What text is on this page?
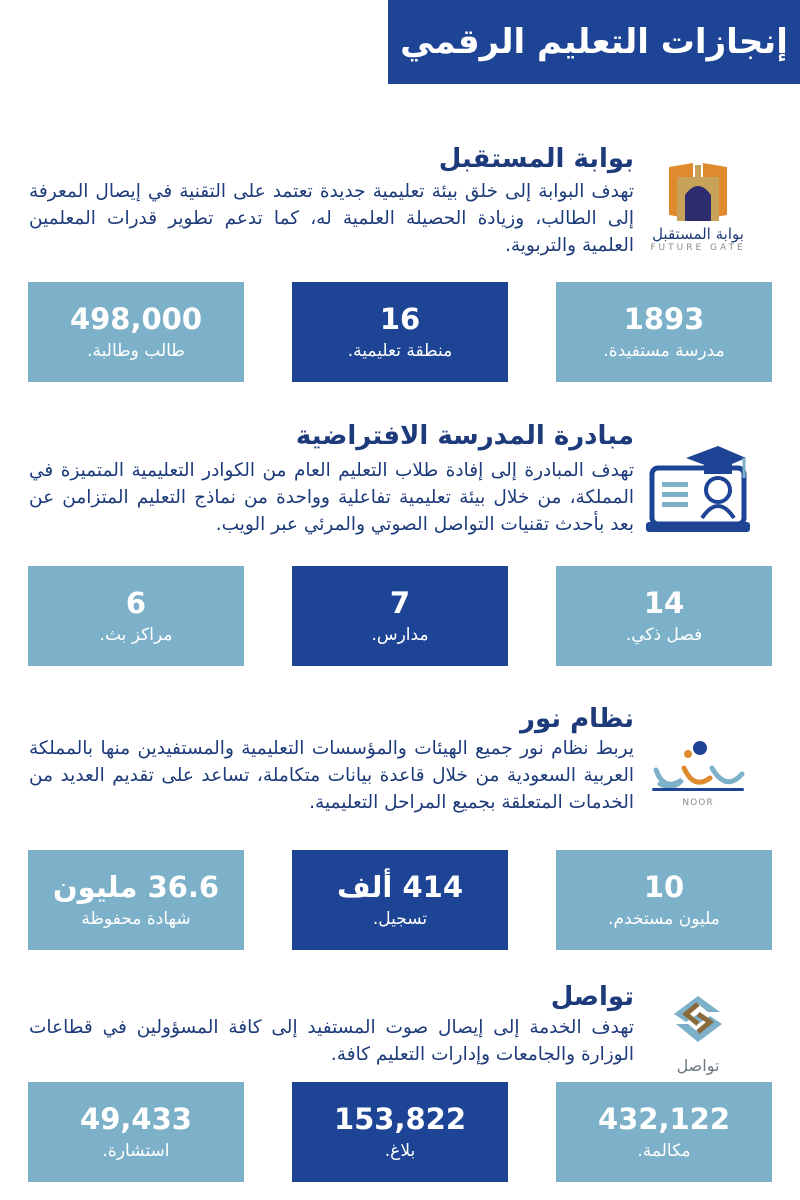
إنجازات التعليم الرقمي
بوابة المستقبل
FUTURE GATE
بوابة المستقبل
تهدف البوابة إلى خلق بيئة تعليمية جديدة تعتمد على التقنية في إيصال المعرفة إلى الطالب، وزيادة الحصيلة العلمية له، كما تدعم تطوير قدرات المعلمين العلمية والتربوية.
1893
مدرسة مستفيدة.
16
منطقة تعليمية.
498,000
طالب وطالبة.
مبادرة المدرسة الافتراضية
تهدف المبادرة إلى إفادة طلاب التعليم العام من الكوادر التعليمية المتميزة في المملكة، من خلال بيئة تعليمية تفاعلية وواحدة من نماذج التعليم المتزامن عن بعد بأحدث تقنيات التواصل الصوتي والمرئي عبر الويب.
14
فصل ذكي.
7
مدارس.
6
مراكز بث.
NOOR
نظام نور
يربط نظام نور جميع الهيئات والمؤسسات التعليمية والمستفيدين منها بالمملكة العربية السعودية من خلال قاعدة بيانات متكاملة، تساعد على تقديم العديد من الخدمات المتعلقة بجميع المراحل التعليمية.
10
مليون مستخدم.
414 ألف
تسجيل.
36.6 مليون
شهادة محفوظة
تواصل
تواصل
تهدف الخدمة إلى إيصال صوت المستفيد إلى كافة المسؤولين في قطاعات الوزارة والجامعات وإدارات التعليم كافة.
432,122
مكالمة.
153,822
بلاغ.
49,433
استشارة.
